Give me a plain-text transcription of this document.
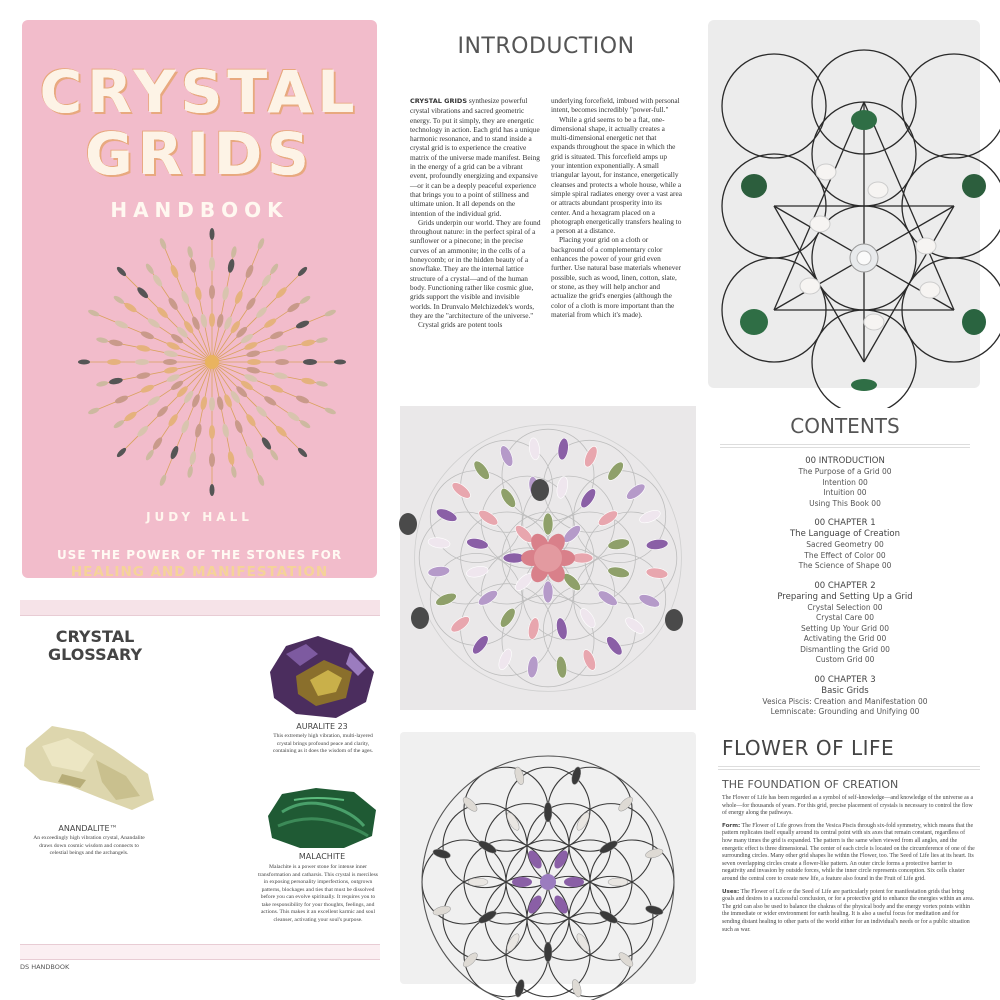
CRYSTAL
GRIDS
HANDBOOK
JUDY HALL
USE THE POWER OF THE STONES FOR
HEALING AND MANIFESTATION
INTRODUCTION

CRYSTAL GRIDS synthesize powerful crystal vibrations and sacred geometric energy. To put it simply, they are energetic technology in action. Each grid has a unique harmonic resonance, and to stand inside a crystal grid is to experience the creative matrix of the universe made manifest. Being in the energy of a grid can be a vibrant event, profoundly energizing and expansive—or it can be a deeply peaceful experience that brings you to a point of stillness and ultimate union. It all depends on the intention of the individual grid.

Grids underpin our world. They are found throughout nature: in the perfect spiral of a sunflower or a pinecone; in the precise curves of an ammonite; in the cells of a honeycomb; or in the hidden beauty of a snowflake. They are the internal lattice structure of a crystal—and of the human body. Functioning rather like cosmic glue, grids support the visible and invisible worlds. In Drunvalo Melchizedek's words, they are the "architecture of the universe."

Crystal grids are potent tools

underlying forcefield, imbued with personal intent, becomes incredibly "power-full."

While a grid seems to be a flat, one-dimensional shape, it actually creates a multi-dimensional energetic net that expands throughout the space in which the grid is situated. This forcefield amps up your intention exponentially. A small triangular layout, for instance, energetically cleanses and protects a whole house, while a simple spiral radiates energy over a vast area or attracts abundant prosperity into its center. And a hexagram placed on a photograph energetically transfers healing to a person at a distance.

Placing your grid on a cloth or background of a complementary color enhances the power of your grid even further. Use natural base materials whenever possible, such as wood, linen, cotton, slate, or stone, as they will help anchor and actualize the grid's energies (although the color of a cloth is more important than the material from which it's made).

CONTENTS
00 INTRODUCTION
The Purpose of a Grid 00
Intention 00
Intuition 00
Using This Book 00
00 CHAPTER 1
The Language of Creation
Sacred Geometry 00
The Effect of Color 00
The Science of Shape 00
00 CHAPTER 2
Preparing and Setting Up a Grid
Crystal Selection 00
Crystal Care 00
Setting Up Your Grid 00
Activating the Grid 00
Dismantling the Grid 00
Custom Grid 00
00 CHAPTER 3
Basic Grids
Vesica Piscis: Creation and Manifestation 00
Lemniscate: Grounding and Unifying 00
CRYSTAL
GLOSSARY
AURALITE 23
This extremely high vibration, multi-layered crystal brings profound peace and clarity, containing as it does the wisdom of the ages.
ANANDALITE™
An exceedingly high vibration crystal, Anandalite draws down cosmic wisdom and connects to celestial beings and the archangels.	MALACHITE
Malachite is a power stone for intense inner transformation and catharsis. This crystal is merciless in exposing personality imperfections, outgrown patterns, blockages and ties that must be dissolved before you can evolve spiritually. It requires you to take responsibility for your thoughts, feelings, and actions. This makes it an excellent karmic and soul cleanser, activating your soul's purpose.
DS HANDBOOK
FLOWER OF LIFE
THE FOUNDATION OF CREATION

The Flower of Life has been regarded as a symbol of self-knowledge—and knowledge of the universe as a whole—for thousands of years. For this grid, precise placement of crystals is necessary to control the flow of energy along the pathways.

Form: The Flower of Life grows from the Vesica Piscis through six-fold symmetry, which means that the pattern replicates itself equally around its central point with six axes that remain constant, regardless of how many times the grid is expanded. The pattern is the same when viewed from all angles, and the energetic effect is three dimensional. The center of each circle is located on the circumference of one of the surrounding circles. Many other grid shapes lie within the Flower, too. The Seed of Life lies at its heart. Its seven overlapping circles create a flower-like pattern. An outer circle forms a protective barrier to negativity and invasion by outside forces, while the inner circle represents conception. Six cells cluster around the central core to create new life, a feature also found in the Fruit of Life grid.

Uses: The Flower of Life or the Seed of Life are particularly potent for manifestation grids that bring goals and desires to a successful conclusion, or for a protective grid to enhance the energies within an area. The grid can also be used to balance the chakras of the physical body and the energy vortex points within the immediate or wider environment for earth healing. It is also a useful focus for meditation and for sending distant healing to other parts of the world either for an individual's needs or for a public situation such as war.
